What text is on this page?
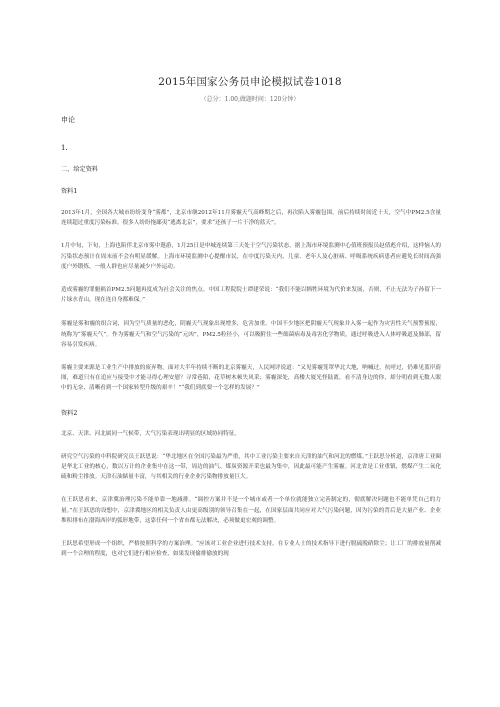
2015年国家公务员申论模拟试卷1018
（总分：1.00,做题时间：120分钟）
申论
1.
二、给定资料
资料1

2013年1月，全国各大城市纷纷变身“雾都”，北京市继2012年11月雾霾天气高峰期之后，再次陷入雾霾包围。前后持续时间近十天，空气中PM2.5含量连续超过重度污染标准。很多人纷纷拖鄙夷“逃离北京”，要求“还孩子一片干净的蓝天”。

1月中旬，下旬，上海也陷伴北京市雾中遨游，1月25日是申城连续第三天处于空气污染状态，据上海市环境监测中心值班预报员赵倩彪介绍，这样恼人的污染状态预计在周末前不会有明显缓解。上海市环境监测中心提醒市民，在中度污染天内，儿童、老年人及心脏病、呼吸系统疾病患者应避免长时间高强度户外锻炼，一般人群也应尽量减少户外运动。

造成雾霾的罪魁祸首PM2.5问题再度成为社会关注的焦点。中国工程院院士谭建荣说：“我们不能以牺牲环境为代价来发展，否则，不止无法为子孙留下一片绿水青山，现在连自身都难保。”

雾霾是雾和霾的组合词，因为空气质量的恶化，阴霾天气现象出现增多，危害加重。中国不少地区把阴霾天气现象并入雾一起作为灾害性天气预警预报，统称为“雾霾天气”。作为雾霾天气和空气污染的“元凶”，PM2.5粒径小，可以吸附住一些细菌病毒及毒害化学物质，通过呼吸进入人体呼吸道及肺部，留容易引发疾病。

雾霾主要来源是工业生产中排放的废弃物。面对大半年持续不断的北京雾霾天，人民网评说道：“又见雾霾笼罩华北大地，呐喊过，抗呼过，仍难见蓝岸蔚图，难道只有在追应与接受中才能寻得心理安慰？寻常巷陌，花草树木顿失风采；雾霾深处，高楼大厦光怪陆离，看不清身边的你，却分明看到无数人眼中的无奈，清晰看到一个国家转型升级的艰辛！”“我们到底要一个怎样的发展？”

资料2

北京、天津、河北属同一气候带，大气污染表现出明显的区域协同特征。

研究空气污染的中科院研究员王跃思说：“华北地区在全国污染最为严重，其中工业污染主要来自天津的油气和河北的燃煤。”王跃思分析道，京津唐工业圈是华北工业的核心，数以万计的企业集中在这一带，周边的油气、煤炭资源开采也最为集中，因此最可能产生雾霾。河北省是工业重镇，燃煤产生二氧化硫和粉尘排放。天津石油储量丰富，与其相关的行业企业污染物排放量巨大。

在王跃思看来，京津冀治理污染不能单靠一地减排。“调控方案并不是一个城市或者一个单位就能独立完善制定的，彻底解决问题也不能单凭自己的力量。”在王跃思的设想中，京津冀地区的相关负责人由更高级别的领导召集在一起，在国家层面共同应对大气污染问题，因为污染的背后是大量产业、企业堆积排布在渤海西岸的弧形地带，这靠任何一个省市都无法解决，必须做更宏观的调整。

王跃思希望形成一个组织，严格按照科学的方案治理。“应该对工业企业进行技术支持，在专业人士的技术指导下进行脱硫脱硝除尘；让工厂的排放量削减到一个合理的程度，也对它们进行相应检查，如果发现偷排偷放的现
